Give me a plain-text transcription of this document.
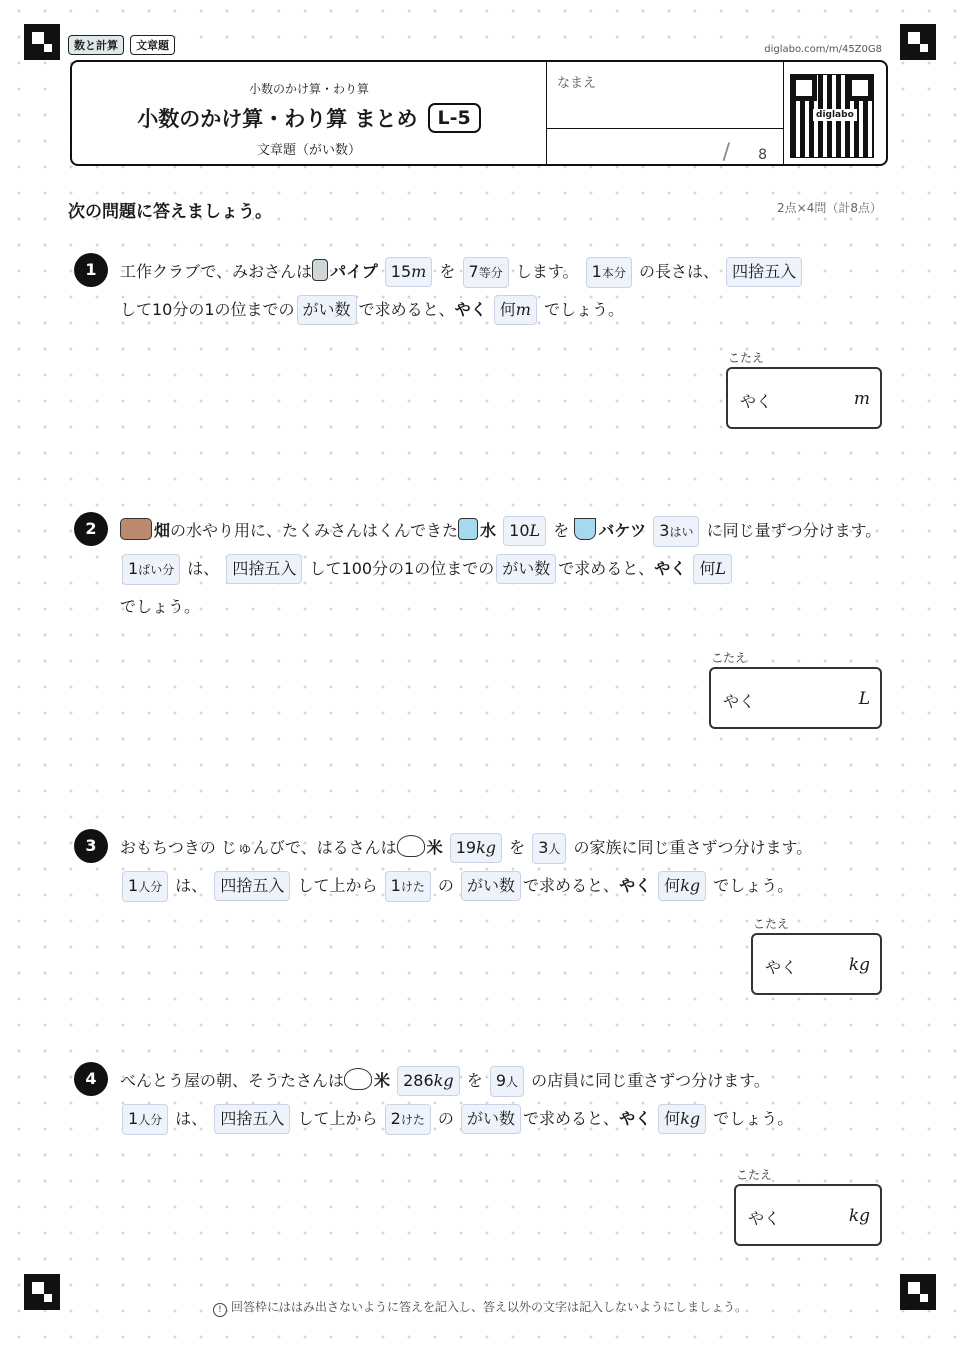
数と計算	文章題	diglabo.com/m/45Z0G8
小数のかけ算・わり算
小数のかけ算・わり算 まとめ	L-5
文章題（がい数）
なまえ
/ 8
diglabo
次の問題に答えましょう。	2点×4問（計8点）
1	工作クラブで、みおさんは パイプ 15m を 7等分 します。 1本分 の長さは、 四捨五入
して10分の1の位までの がい数 で求めると、やく 何m でしょう。
こたえ
やく	m
2	畑の水やり用に、たくみさんはくんできた 水 10L を バケツ 3はい に同じ量ずつ分けます。 1ぱい分 は、 四捨五入 して100分の1の位までの がい数 で求めると、やく 何L
でしょう。
こたえ
やく	L
3	おもちつきの じゅんびで、はるさんは 米 19kg を 3人 の家族に同じ重さずつ分けます。
1人分 は、 四捨五入 して上から 1けた の がい数 で求めると、やく 何kg でしょう。
こたえ
やく	kg
4	べんとう屋の朝、そうたさんは 米 286kg を 9人 の店員に同じ重さずつ分けます。
1人分 は、 四捨五入 して上から 2けた の がい数 で求めると、やく 何kg でしょう。
こたえ
やく	kg
! 回答枠にははみ出さないように答えを記入し、答え以外の文字は記入しないようにしましょう。
